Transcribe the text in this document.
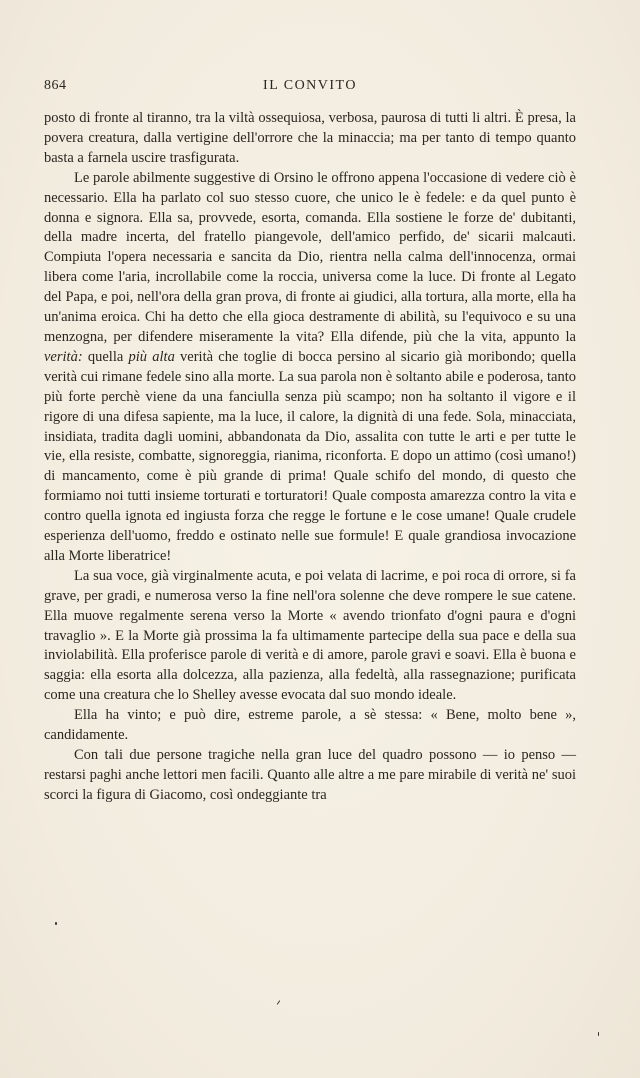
864	IL CONVITO

posto di fronte al tiranno, tra la viltà ossequiosa, verbosa, paurosa di tutti li altri. È presa, la povera creatura, dalla vertigine dell'orrore che la minaccia; ma per tanto di tempo quanto basta a farnela uscire trasfigurata.

Le parole abilmente suggestive di Orsino le offrono appena l'occasione di vedere ciò è necessario. Ella ha parlato col suo stesso cuore, che unico le è fedele: e da quel punto è donna e signora. Ella sa, provvede, esorta, comanda. Ella sostiene le forze de' dubitanti, della madre incerta, del fratello piangevole, dell'amico perfido, de' sicarii malcauti. Compiuta l'opera necessaria e sancita da Dio, rientra nella calma dell'innocenza, ormai libera come l'aria, incrollabile come la roccia, universa come la luce. Di fronte al Legato del Papa, e poi, nell'ora della gran prova, di fronte ai giudici, alla tortura, alla morte, ella ha un'anima eroica. Chi ha detto che ella gioca destramente di abilità, su l'equivoco e su una menzogna, per difendere miseramente la vita? Ella difende, più che la vita, appunto la verità: quella più alta verità che toglie di bocca persino al sicario già moribondo; quella verità cui rimane fedele sino alla morte. La sua parola non è soltanto abile e poderosa, tanto più forte perchè viene da una fanciulla senza più scampo; non ha soltanto il vigore e il rigore di una difesa sapiente, ma la luce, il calore, la dignità di una fede. Sola, minacciata, insidiata, tradita dagli uomini, abbandonata da Dio, assalita con tutte le arti e per tutte le vie, ella resiste, combatte, signoreggia, rianima, riconforta. E dopo un attimo (così umano!) di mancamento, come è più grande di prima! Quale schifo del mondo, di questo che formiamo noi tutti insieme torturati e torturatori! Quale composta amarezza contro la vita e contro quella ignota ed ingiusta forza che regge le fortune e le cose umane! Quale crudele esperienza dell'uomo, freddo e ostinato nelle sue formule! E quale grandiosa invocazione alla Morte liberatrice!

La sua voce, già virginalmente acuta, e poi velata di lacrime, e poi roca di orrore, si fa grave, per gradi, e numerosa verso la fine nell'ora solenne che deve rompere le sue catene. Ella muove regalmente serena verso la Morte « avendo trionfato d'ogni paura e d'ogni travaglio ». E la Morte già prossima la fa ultimamente partecipe della sua pace e della sua inviolabilità. Ella proferisce parole di verità e di amore, parole gravi e soavi. Ella è buona e saggia: ella esorta alla dolcezza, alla pazienza, alla fedeltà, alla rassegnazione; purificata come una creatura che lo Shelley avesse evocata dal suo mondo ideale.

Ella ha vinto; e può dire, estreme parole, a sè stessa: « Bene, molto bene », candidamente.

Con tali due persone tragiche nella gran luce del quadro possono — io penso — restarsi paghi anche lettori men facili. Quanto alle altre a me pare mirabile di verità ne' suoi scorci la figura di Giacomo, così ondeggiante tra
